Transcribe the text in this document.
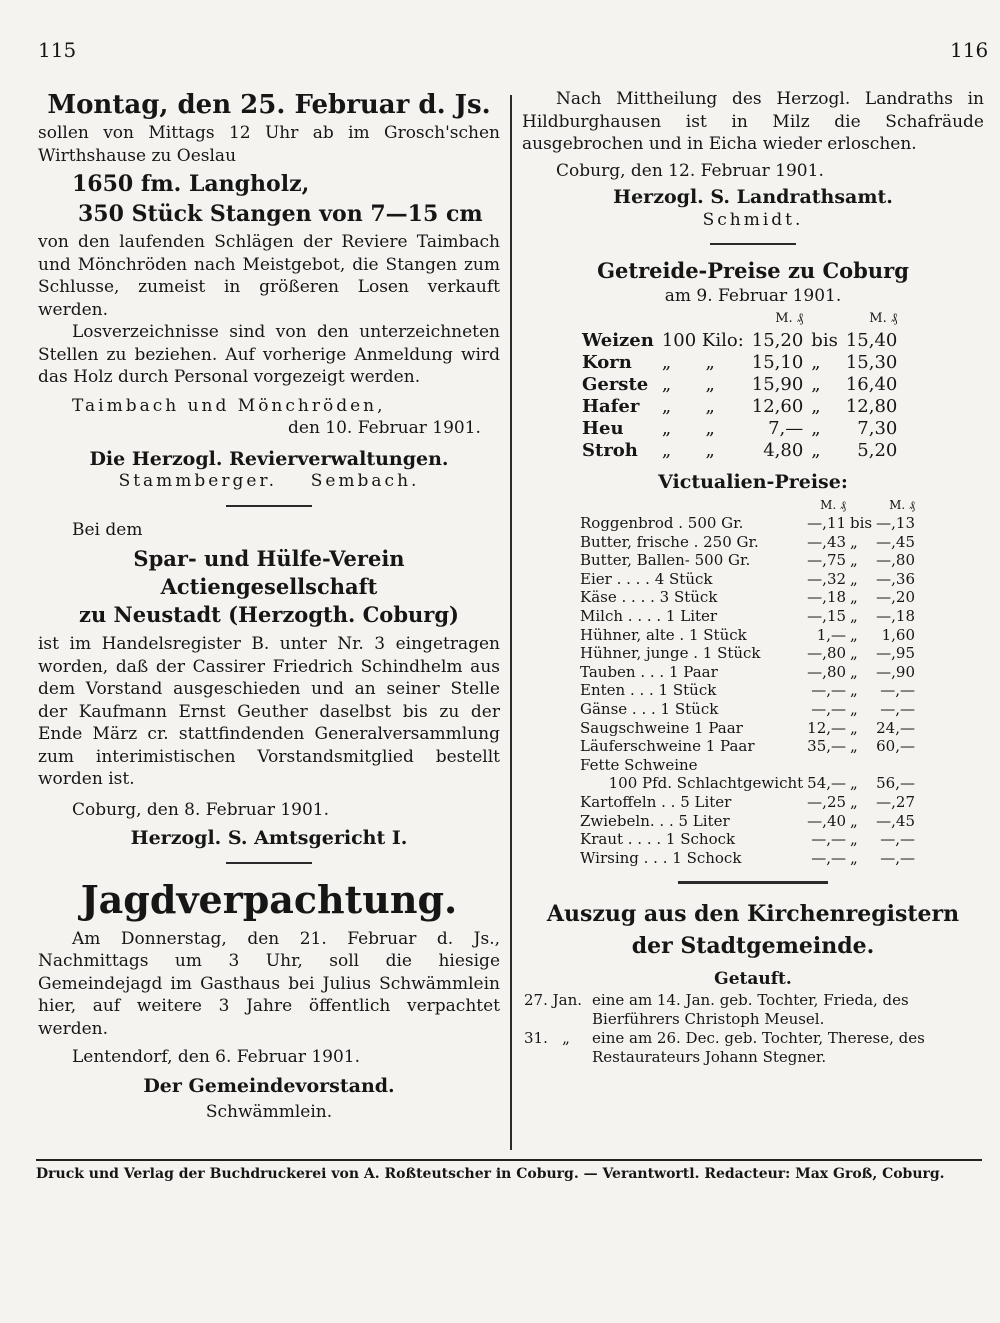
115	116

Montag, den 25. Februar d. Js.

sollen von Mittags 12 Uhr ab im Grosch'schen Wirthshause zu Oeslau

1650 fm. Langholz,

350 Stück Stangen von 7—15 cm

von den laufenden Schlägen der Reviere Taimbach und Mönchröden nach Meistgebot, die Stangen zum Schlusse, zumeist in größeren Losen verkauft werden.

Losverzeichnisse sind von den unterzeichneten Stellen zu beziehen. Auf vorherige Anmeldung wird das Holz durch Personal vorgezeigt werden.

Taimbach und Mönchröden,

den 10. Februar 1901.

Die Herzogl. Revierverwaltungen.

Stammberger.    Sembach.

Bei dem

Spar- und Hülfe-Verein Actiengesellschaft

zu Neustadt (Herzogth. Coburg)

ist im Handelsregister B. unter Nr. 3 eingetragen worden, daß der Cassirer Friedrich Schindhelm aus dem Vorstand ausgeschieden und an seiner Stelle der Kaufmann Ernst Geuther daselbst bis zu der Ende März cr. stattfindenden Generalversammlung zum interimistischen Vorstandsmitglied bestellt worden ist.

Coburg, den 8. Februar 1901.

Herzogl. S. Amtsgericht I.

Jagdverpachtung.

Am Donnerstag, den 21. Februar d. Js., Nachmittags um 3 Uhr, soll die hiesige Gemeindejagd im Gasthaus bei Julius Schwämmlein hier, auf weitere 3 Jahre öffentlich verpachtet werden.

Lentendorf, den 6. Februar 1901.

Der Gemeindevorstand.

Schwämmlein.

Nach Mittheilung des Herzogl. Landraths in Hildburghausen ist in Milz die Schafräude ausgebrochen und in Eicha wieder erloschen.

Coburg, den 12. Februar 1901.

Herzogl. S. Landrathsamt.

Schmidt.

Getreide-Preise zu Coburg

am 9. Februar 1901.

		M. ₰		M. ₰
Weizen	100 Kilo:	15,20	bis	15,40
Korn	„      „	15,10	„	15,30
Gerste	„      „	15,90	„	16,40
Hafer	„      „	12,60	„	12,80
Heu	„      „	7,—	„	7,30
Stroh	„      „	4,80	„	5,20

Victualien-Preise:

	M. ₰		M. ₰
Roggenbrod . 500 Gr.	—,11	bis	—,13
Butter, frische . 250 Gr.	—,43	„	—,45
Butter, Ballen- 500 Gr.	—,75	„	—,80
Eier . . . . 4 Stück	—,32	„	—,36
Käse . . . . 3 Stück	—,18	„	—,20
Milch . . . . 1 Liter	—,15	„	—,18
Hühner, alte . 1 Stück	1,—	„	1,60
Hühner, junge . 1 Stück	—,80	„	—,95
Tauben . . . 1 Paar	—,80	„	—,90
Enten . . . 1 Stück	—,—	„	—,—
Gänse . . . 1 Stück	—,—	„	—,—
Saugschweine 1 Paar	12,—	„	24,—
Läuferschweine 1 Paar	35,—	„	60,—
Fette Schweine			
100 Pfd. Schlachtgewicht	54,—	„	56,—
Kartoffeln . . 5 Liter	—,25	„	—,27
Zwiebeln. . . 5 Liter	—,40	„	—,45
Kraut . . . . 1 Schock	—,—	„	—,—
Wirsing . . . 1 Schock	—,—	„	—,—

Auszug aus den Kirchenregistern

der Stadtgemeinde.

Getauft.

27. Jan.	eine am 14. Jan. geb. Tochter, Frieda, des Bierführers Christoph Meusel.
31.   „	eine am 26. Dec. geb. Tochter, Therese, des Restaurateurs Johann Stegner.
Druck und Verlag der Buchdruckerei von A. Roßteutscher in Coburg. — Verantwortl. Redacteur: Max Groß, Coburg.
